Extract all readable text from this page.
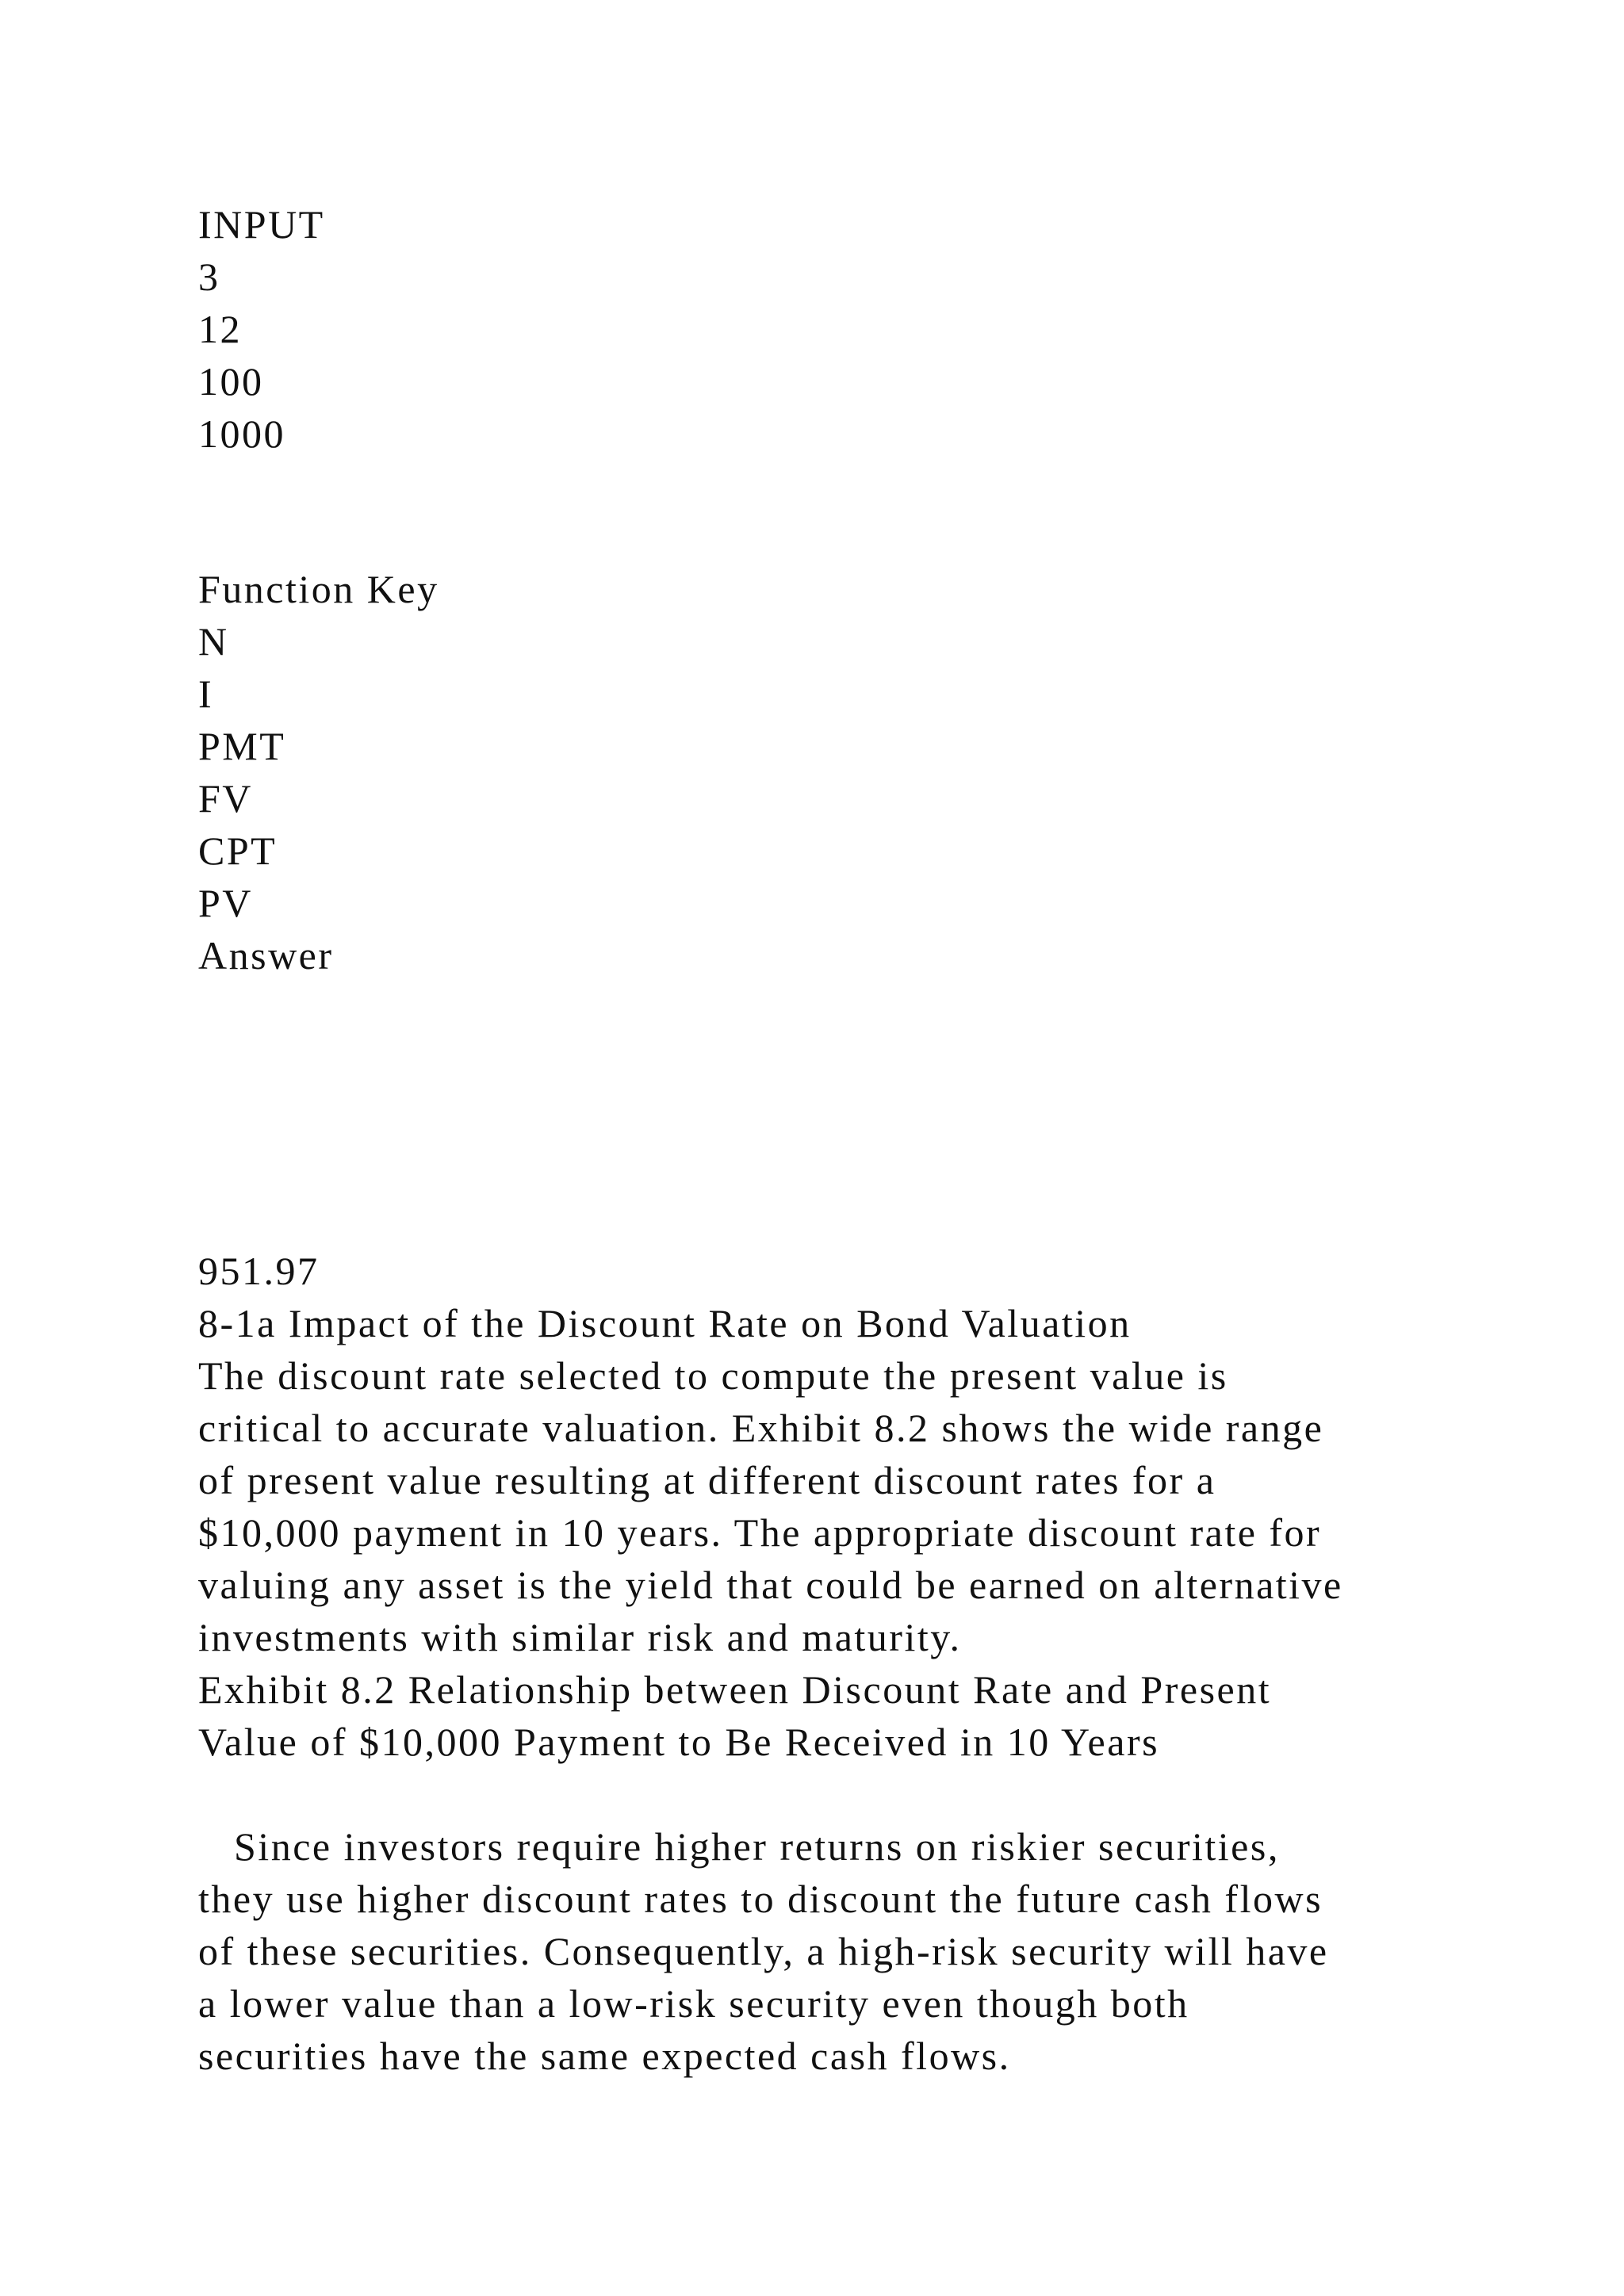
INPUT
3
12
100
1000
Function Key
N
I
PMT
FV
CPT
PV
Answer
951.97
8-1a Impact of the Discount Rate on Bond Valuation
The discount rate selected to compute the present value is
critical to accurate valuation. Exhibit 8.2 shows the wide range
of present value resulting at different discount rates for a
$10,000 payment in 10 years. The appropriate discount rate for
valuing any asset is the yield that could be earned on alternative
investments with similar risk and maturity.
Exhibit 8.2 Relationship between Discount Rate and Present
Value of $10,000 Payment to Be Received in 10 Years
Since investors require higher returns on riskier securities,
they use higher discount rates to discount the future cash flows
of these securities. Consequently, a high-risk security will have
a lower value than a low-risk security even though both
securities have the same expected cash flows.
